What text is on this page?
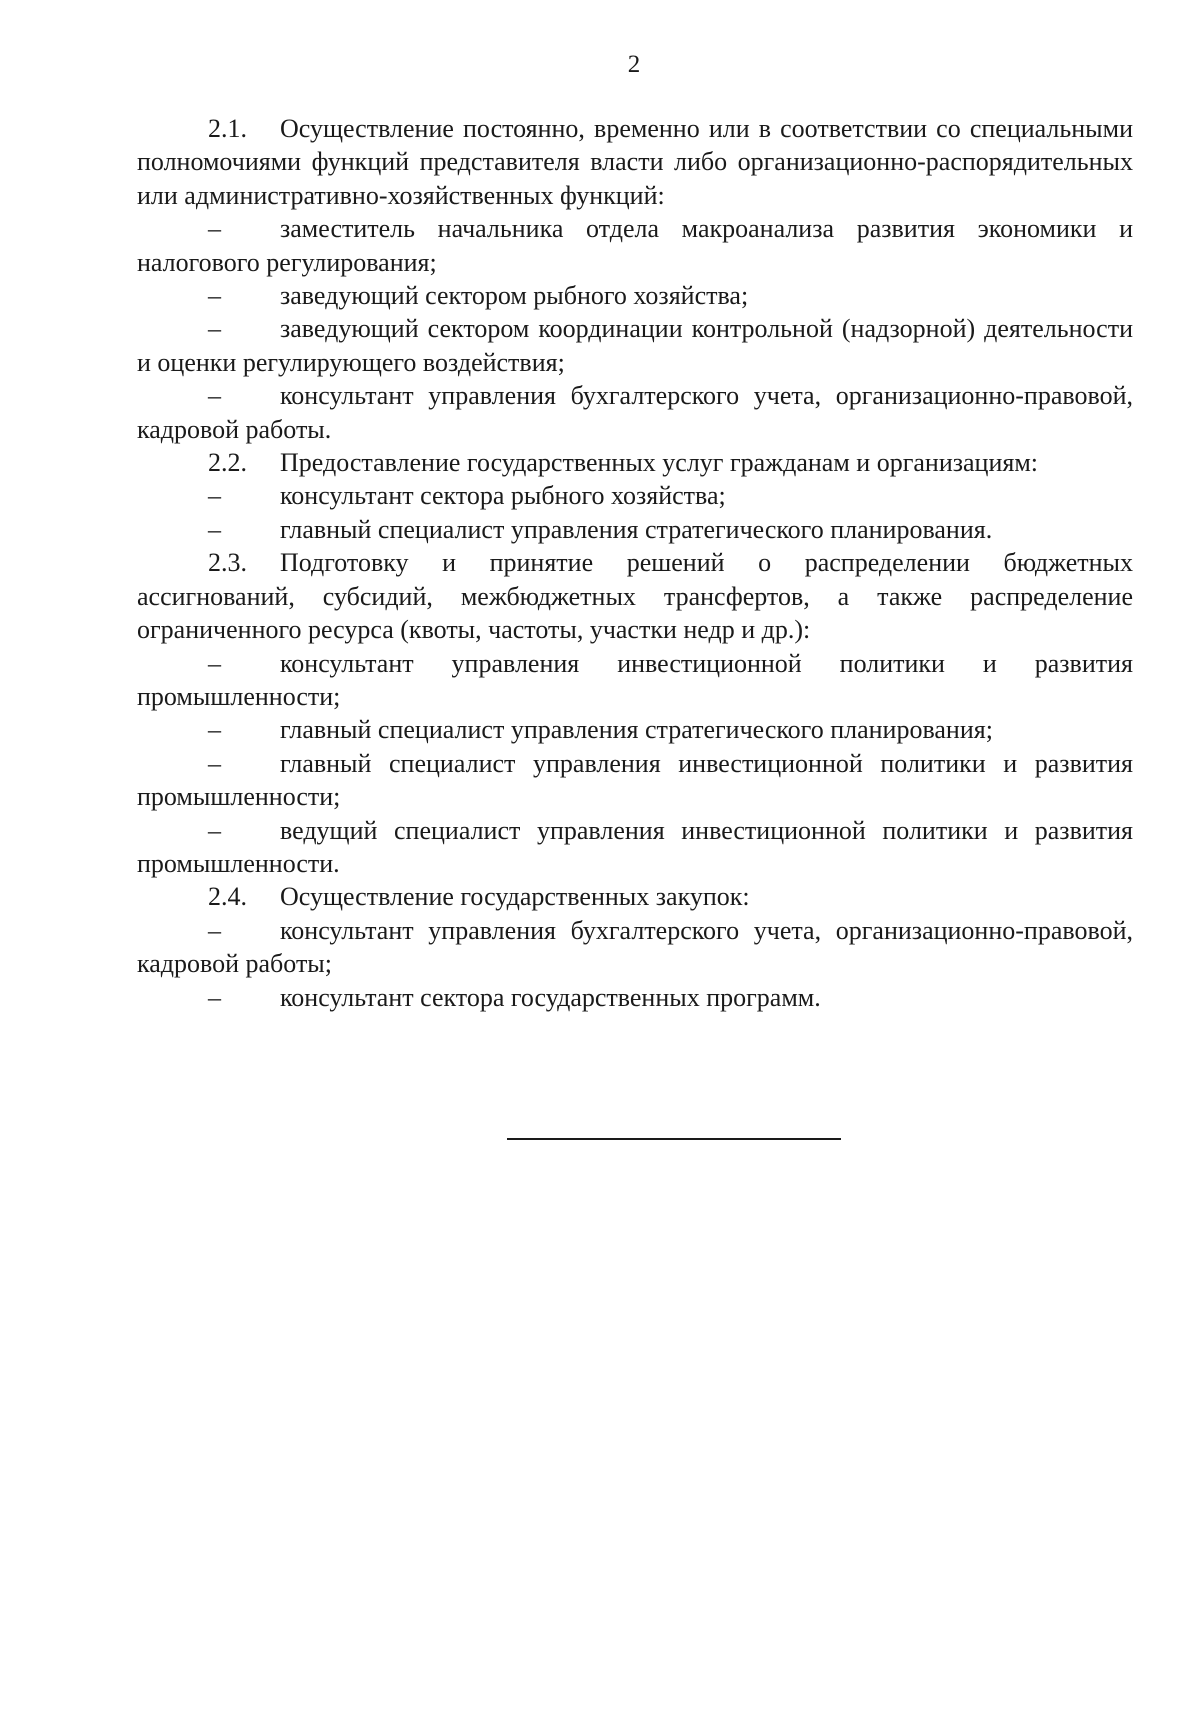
2

2.1. Осуществление постоянно, временно или в соответствии со специальными полномочиями функций представителя власти либо организационно-распорядительных или административно-хозяйственных функций:

– заместитель начальника отдела макроанализа развития экономики и налогового регулирования;

– заведующий сектором рыбного хозяйства;

– заведующий сектором координации контрольной (надзорной) деятельности и оценки регулирующего воздействия;

– консультант управления бухгалтерского учета, организационно-правовой, кадровой работы.

2.2. Предоставление государственных услуг гражданам и организациям:

– консультант сектора рыбного хозяйства;

– главный специалист управления стратегического планирования.

2.3. Подготовку и принятие решений о распределении бюджетных ассигнований, субсидий, межбюджетных трансфертов, а также распределение ограниченного ресурса (квоты, частоты, участки недр и др.):

– консультант управления инвестиционной политики и развития промышленности;

– главный специалист управления стратегического планирования;

– главный специалист управления инвестиционной политики и развития промышленности;

– ведущий специалист управления инвестиционной политики и развития промышленности.

2.4. Осуществление государственных закупок:

– консультант управления бухгалтерского учета, организационно-правовой, кадровой работы;

– консультант сектора государственных программ.
